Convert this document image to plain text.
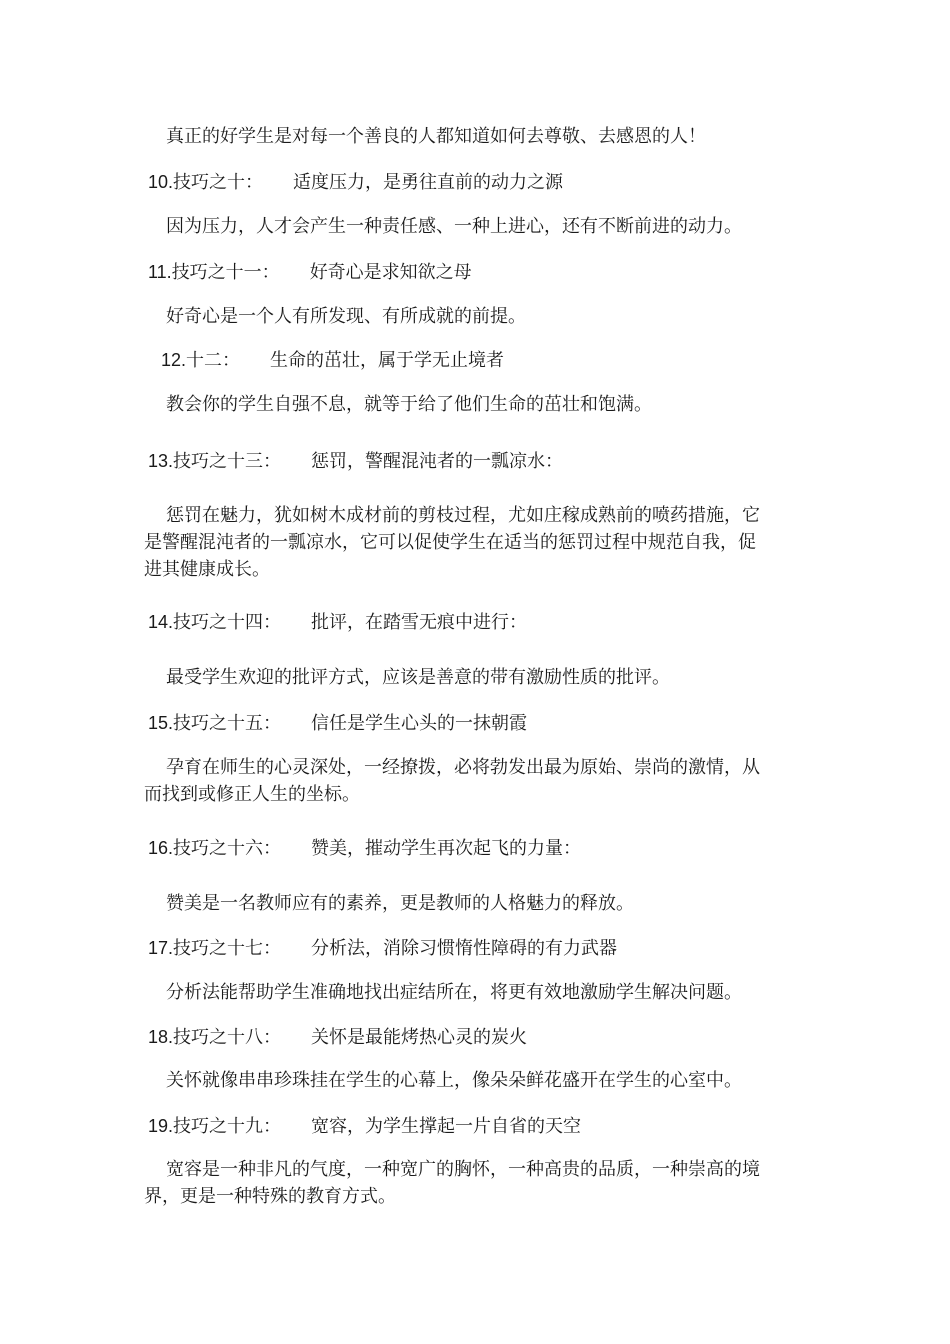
真正的好学生是对每一个善良的人都知道如何去尊敬、去感恩的人！
10.技巧之十： 适度压力，是勇往直前的动力之源
因为压力，人才会产生一种责任感、一种上进心，还有不断前进的动力。
11.技巧之十一： 好奇心是求知欲之母
好奇心是一个人有所发现、有所成就的前提。
12.十二： 生命的茁壮，属于学无止境者
教会你的学生自强不息，就等于给了他们生命的茁壮和饱满。
13.技巧之十三： 惩罚，警醒混沌者的一瓢凉水：
惩罚在魅力，犹如树木成材前的剪枝过程，尤如庄稼成熟前的喷药措施，它
是警醒混沌者的一瓢凉水，它可以促使学生在适当的惩罚过程中规范自我，促
进其健康成长。
14.技巧之十四： 批评，在踏雪无痕中进行：
最受学生欢迎的批评方式，应该是善意的带有激励性质的批评。
15.技巧之十五： 信任是学生心头的一抹朝霞
孕育在师生的心灵深处，一经撩拨，必将勃发出最为原始、崇尚的激情，从
而找到或修正人生的坐标。
16.技巧之十六： 赞美，摧动学生再次起飞的力量：
赞美是一名教师应有的素养，更是教师的人格魅力的释放。
17.技巧之十七： 分析法，消除习惯惰性障碍的有力武器
分析法能帮助学生准确地找出症结所在，将更有效地激励学生解决问题。
18.技巧之十八： 关怀是最能烤热心灵的炭火
关怀就像串串珍珠挂在学生的心幕上，像朵朵鲜花盛开在学生的心室中。
19.技巧之十九： 宽容，为学生撑起一片自省的天空
宽容是一种非凡的气度，一种宽广的胸怀，一种高贵的品质，一种崇高的境
界，更是一种特殊的教育方式。
